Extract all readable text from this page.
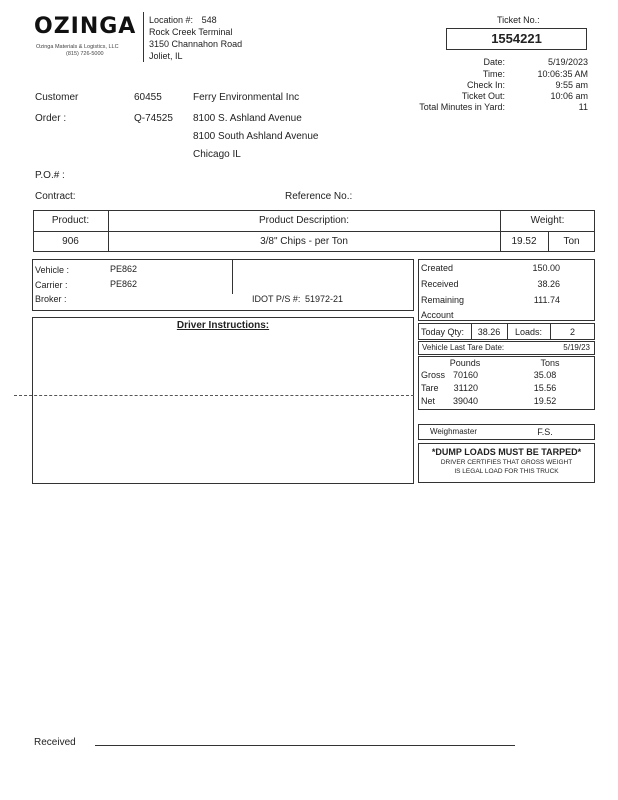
OZINGA
Ozinga Materials & Logistics, LLC
(815) 726-5000
Location #: 548
Rock Creek Terminal
3150 Channahon Road
Joliet, IL
Ticket No.:
1554221
Date:	5/19/2023
Time:	10:06:35 AM
Check In:	9:55 am
Ticket Out:	10:06 am
Total Minutes in Yard:	11
Customer	60455	Ferry Environmental Inc
Order :	Q-74525 8100 S. Ashland Avenue
8100 South Ashland Avenue
Chicago IL
P.O.# :
Contract:	Reference No.:
Product:	Product Description:	Weight:
906	3/8" Chips - per Ton	19.52	Ton
Vehicle :	PE862
Carrier :	PE862
Broker :	IDOT P/S #: 51972-21
Created	150.00
Received	38.26
Remaining	111.74
Account
Today Qty:	38.26	Loads:	2
Vehicle Last Tare Date:	5/19/23
Driver Instructions:
Pounds	Tons
Gross 70160	35.08
Tare	31120	15.56
Net	39040	19.52
Weighmaster	F.S.
*DUMP LOADS MUST BE TARPED*
DRIVER CERTIFIES THAT GROSS WEIGHT
IS LEGAL LOAD FOR THIS TRUCK
Received
